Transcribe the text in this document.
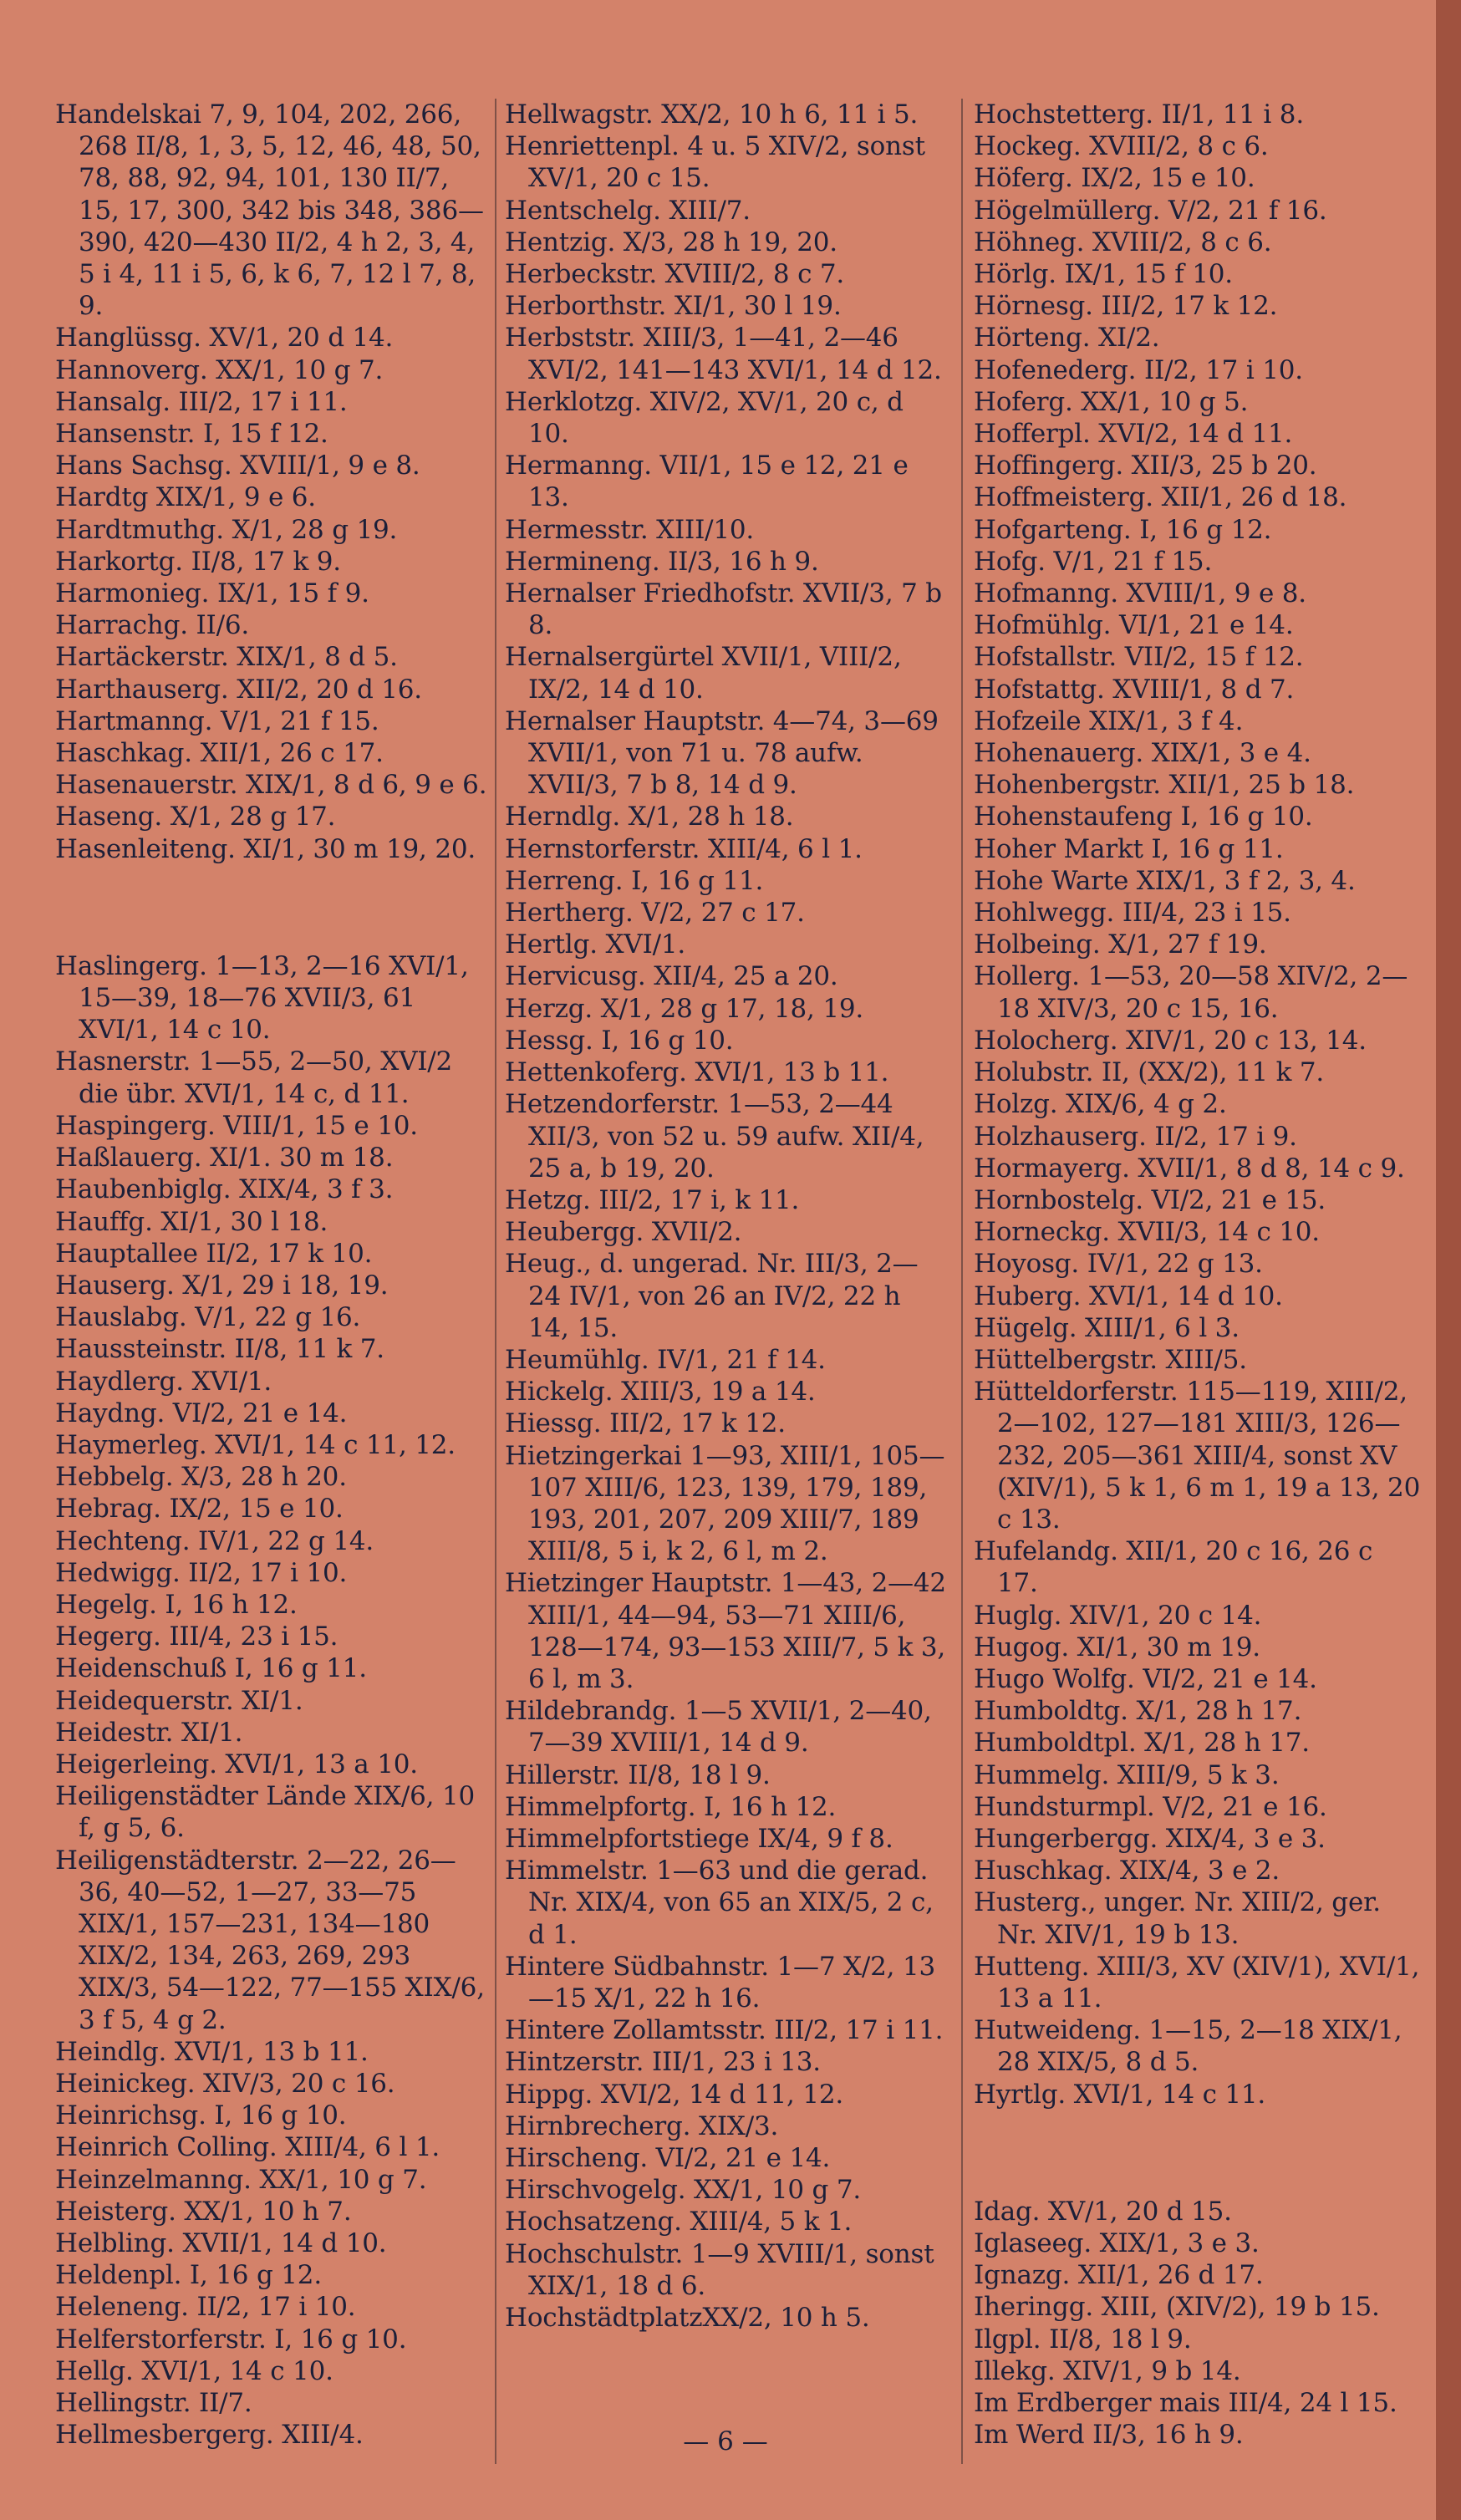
Handelskai 7, 9, 104, 202, 266, 268 II/8, 1, 3, 5, 12, 46, 48, 50, 78, 88, 92, 94, 101, 130 II/7, 15, 17, 300, 342 bis 348, 386—390, 420—430 II/2, 4 h 2, 3, 4, 5 i 4, 11 i 5, 6, k 6, 7, 12 l 7, 8, 9.

Hanglüssg. XV/1, 20 d 14.

Hannoverg. XX/1, 10 g 7.

Hansalg. III/2, 17 i 11.

Hansenstr. I, 15 f 12.

Hans Sachsg. XVIII/1, 9 e 8.

Hardtg XIX/1, 9 e 6.

Hardtmuthg. X/1, 28 g 19.

Harkortg. II/8, 17 k 9.

Harmonieg. IX/1, 15 f 9.

Harrachg. II/6.

Hartäckerstr. XIX/1, 8 d 5.

Harthauserg. XII/2, 20 d 16.

Hartmanng. V/1, 21 f 15.

Haschkag. XII/1, 26 c 17.

Hasenauerstr. XIX/1, 8 d 6, 9 e 6.

Haseng. X/1, 28 g 17.

Hasenleiteng. XI/1, 30 m 19, 20.

Haslingerg. 1—13, 2—16 XVI/1, 15—39, 18—76 XVII/3, 61 XVI/1, 14 c 10.

Hasnerstr. 1—55, 2—50, XVI/2 die übr. XVI/1, 14 c, d 11.

Haspingerg. VIII/1, 15 e 10.

Haßlauerg. XI/1. 30 m 18.

Haubenbiglg. XIX/4, 3 f 3.

Hauffg. XI/1, 30 l 18.

Hauptallee II/2, 17 k 10.

Hauserg. X/1, 29 i 18, 19.

Hauslabg. V/1, 22 g 16.

Haussteinstr. II/8, 11 k 7.

Haydlerg. XVI/1.

Haydng. VI/2, 21 e 14.

Haymerleg. XVI/1, 14 c 11, 12.

Hebbelg. X/3, 28 h 20.

Hebrag. IX/2, 15 e 10.

Hechteng. IV/1, 22 g 14.

Hedwigg. II/2, 17 i 10.

Hegelg. I, 16 h 12.

Hegerg. III/4, 23 i 15.

Heidenschuß I, 16 g 11.

Heidequerstr. XI/1.

Heidestr. XI/1.

Heigerleing. XVI/1, 13 a 10.

Heiligenstädter Lände XIX/6, 10 f, g 5, 6.

Heiligenstädterstr. 2—22, 26—36, 40—52, 1—27, 33—75 XIX/1, 157—231, 134—180 XIX/2, 134, 263, 269, 293 XIX/3, 54—122, 77—155 XIX/6, 3 f 5, 4 g 2.

Heindlg. XVI/1, 13 b 11.

Heinickeg. XIV/3, 20 c 16.

Heinrichsg. I, 16 g 10.

Heinrich Colling. XIII/4, 6 l 1.

Heinzelmanng. XX/1, 10 g 7.

Heisterg. XX/1, 10 h 7.

Helbling. XVII/1, 14 d 10.

Heldenpl. I, 16 g 12.

Heleneng. II/2, 17 i 10.

Helferstorferstr. I, 16 g 10.

Hellg. XVI/1, 14 c 10.

Hellingstr. II/7.

Hellmesbergerg. XIII/4.

Hellwagstr. XX/2, 10 h 6, 11 i 5.

Henriettenpl. 4 u. 5 XIV/2, sonst XV/1, 20 c 15.

Hentschelg. XIII/7.

Hentzig. X/3, 28 h 19, 20.

Herbeckstr. XVIII/2, 8 c 7.

Herborthstr. XI/1, 30 l 19.

Herbststr. XIII/3, 1—41, 2—46 XVI/2, 141—143 XVI/1, 14 d 12.

Herklotzg. XIV/2, XV/1, 20 c, d 10.

Hermanng. VII/1, 15 e 12, 21 e 13.

Hermesstr. XIII/10.

Hermineng. II/3, 16 h 9.

Hernalser Friedhofstr. XVII/3, 7 b 8.

Hernalsergürtel XVII/1, VIII/2, IX/2, 14 d 10.

Hernalser Hauptstr. 4—74, 3—69 XVII/1, von 71 u. 78 aufw. XVII/3, 7 b 8, 14 d 9.

Herndlg. X/1, 28 h 18.

Hernstorferstr. XIII/4, 6 l 1.

Herreng. I, 16 g 11.

Hertherg. V/2, 27 c 17.

Hertlg. XVI/1.

Hervicusg. XII/4, 25 a 20.

Herzg. X/1, 28 g 17, 18, 19.

Hessg. I, 16 g 10.

Hettenkoferg. XVI/1, 13 b 11.

Hetzendorferstr. 1—53, 2—44 XII/3, von 52 u. 59 aufw. XII/4, 25 a, b 19, 20.

Hetzg. III/2, 17 i, k 11.

Heubergg. XVII/2.

Heug., d. ungerad. Nr. III/3, 2—24 IV/1, von 26 an IV/2, 22 h 14, 15.

Heumühlg. IV/1, 21 f 14.

Hickelg. XIII/3, 19 a 14.

Hiessg. III/2, 17 k 12.

Hietzingerkai 1—93, XIII/1, 105—107 XIII/6, 123, 139, 179, 189, 193, 201, 207, 209 XIII/7, 189 XIII/8, 5 i, k 2, 6 l, m 2.

Hietzinger Hauptstr. 1—43, 2—42 XIII/1, 44—94, 53—71 XIII/6, 128—174, 93—153 XIII/7, 5 k 3, 6 l, m 3.

Hildebrandg. 1—5 XVII/1, 2—40, 7—39 XVIII/1, 14 d 9.

Hillerstr. II/8, 18 l 9.

Himmelpfortg. I, 16 h 12.

Himmelpfortstiege IX/4, 9 f 8.

Himmelstr. 1—63 und die gerad. Nr. XIX/4, von 65 an XIX/5, 2 c, d 1.

Hintere Südbahnstr. 1—7 X/2, 13—15 X/1, 22 h 16.

Hintere Zollamtsstr. III/2, 17 i 11.

Hintzerstr. III/1, 23 i 13.

Hippg. XVI/2, 14 d 11, 12.

Hirnbrecherg. XIX/3.

Hirscheng. VI/2, 21 e 14.

Hirschvogelg. XX/1, 10 g 7.

Hochsatzeng. XIII/4, 5 k 1.

Hochschulstr. 1—9 XVIII/1, sonst XIX/1, 18 d 6.

HochstädtplatzXX/2, 10 h 5.

Hochstetterg. II/1, 11 i 8.

Hockeg. XVIII/2, 8 c 6.

Höferg. IX/2, 15 e 10.

Högelmüllerg. V/2, 21 f 16.

Höhneg. XVIII/2, 8 c 6.

Hörlg. IX/1, 15 f 10.

Hörnesg. III/2, 17 k 12.

Hörteng. XI/2.

Hofenederg. II/2, 17 i 10.

Hoferg. XX/1, 10 g 5.

Hofferpl. XVI/2, 14 d 11.

Hoffingerg. XII/3, 25 b 20.

Hoffmeisterg. XII/1, 26 d 18.

Hofgarteng. I, 16 g 12.

Hofg. V/1, 21 f 15.

Hofmanng. XVIII/1, 9 e 8.

Hofmühlg. VI/1, 21 e 14.

Hofstallstr. VII/2, 15 f 12.

Hofstattg. XVIII/1, 8 d 7.

Hofzeile XIX/1, 3 f 4.

Hohenauerg. XIX/1, 3 e 4.

Hohenbergstr. XII/1, 25 b 18.

Hohenstaufeng I, 16 g 10.

Hoher Markt I, 16 g 11.

Hohe Warte XIX/1, 3 f 2, 3, 4.

Hohlwegg. III/4, 23 i 15.

Holbeing. X/1, 27 f 19.

Hollerg. 1—53, 20—58 XIV/2, 2—18 XIV/3, 20 c 15, 16.

Holocherg. XIV/1, 20 c 13, 14.

Holubstr. II, (XX/2), 11 k 7.

Holzg. XIX/6, 4 g 2.

Holzhauserg. II/2, 17 i 9.

Hormayerg. XVII/1, 8 d 8, 14 c 9.

Hornbostelg. VI/2, 21 e 15.

Horneckg. XVII/3, 14 c 10.

Hoyosg. IV/1, 22 g 13.

Huberg. XVI/1, 14 d 10.

Hügelg. XIII/1, 6 l 3.

Hüttelbergstr. XIII/5.

Hütteldorferstr. 115—119, XIII/2, 2—102, 127—181 XIII/3, 126—232, 205—361 XIII/4, sonst XV (XIV/1), 5 k 1, 6 m 1, 19 a 13, 20 c 13.

Hufelandg. XII/1, 20 c 16, 26 c 17.

Huglg. XIV/1, 20 c 14.

Hugog. XI/1, 30 m 19.

Hugo Wolfg. VI/2, 21 e 14.

Humboldtg. X/1, 28 h 17.

Humboldtpl. X/1, 28 h 17.

Hummelg. XIII/9, 5 k 3.

Hundsturmpl. V/2, 21 e 16.

Hungerbergg. XIX/4, 3 e 3.

Huschkag. XIX/4, 3 e 2.

Husterg., unger. Nr. XIII/2, ger. Nr. XIV/1, 19 b 13.

Hutteng. XIII/3, XV (XIV/1), XVI/1, 13 a 11.

Hutweideng. 1—15, 2—18 XIX/1, 28 XIX/5, 8 d 5.

Hyrtlg. XVI/1, 14 c 11.

Idag. XV/1, 20 d 15.

Iglaseeg. XIX/1, 3 e 3.

Ignazg. XII/1, 26 d 17.

Iheringg. XIII, (XIV/2), 19 b 15.

Ilgpl. II/8, 18 l 9.

Illekg. XIV/1, 9 b 14.

Im Erdberger mais III/4, 24 l 15.

Im Werd II/3, 16 h 9.

— 6 —
